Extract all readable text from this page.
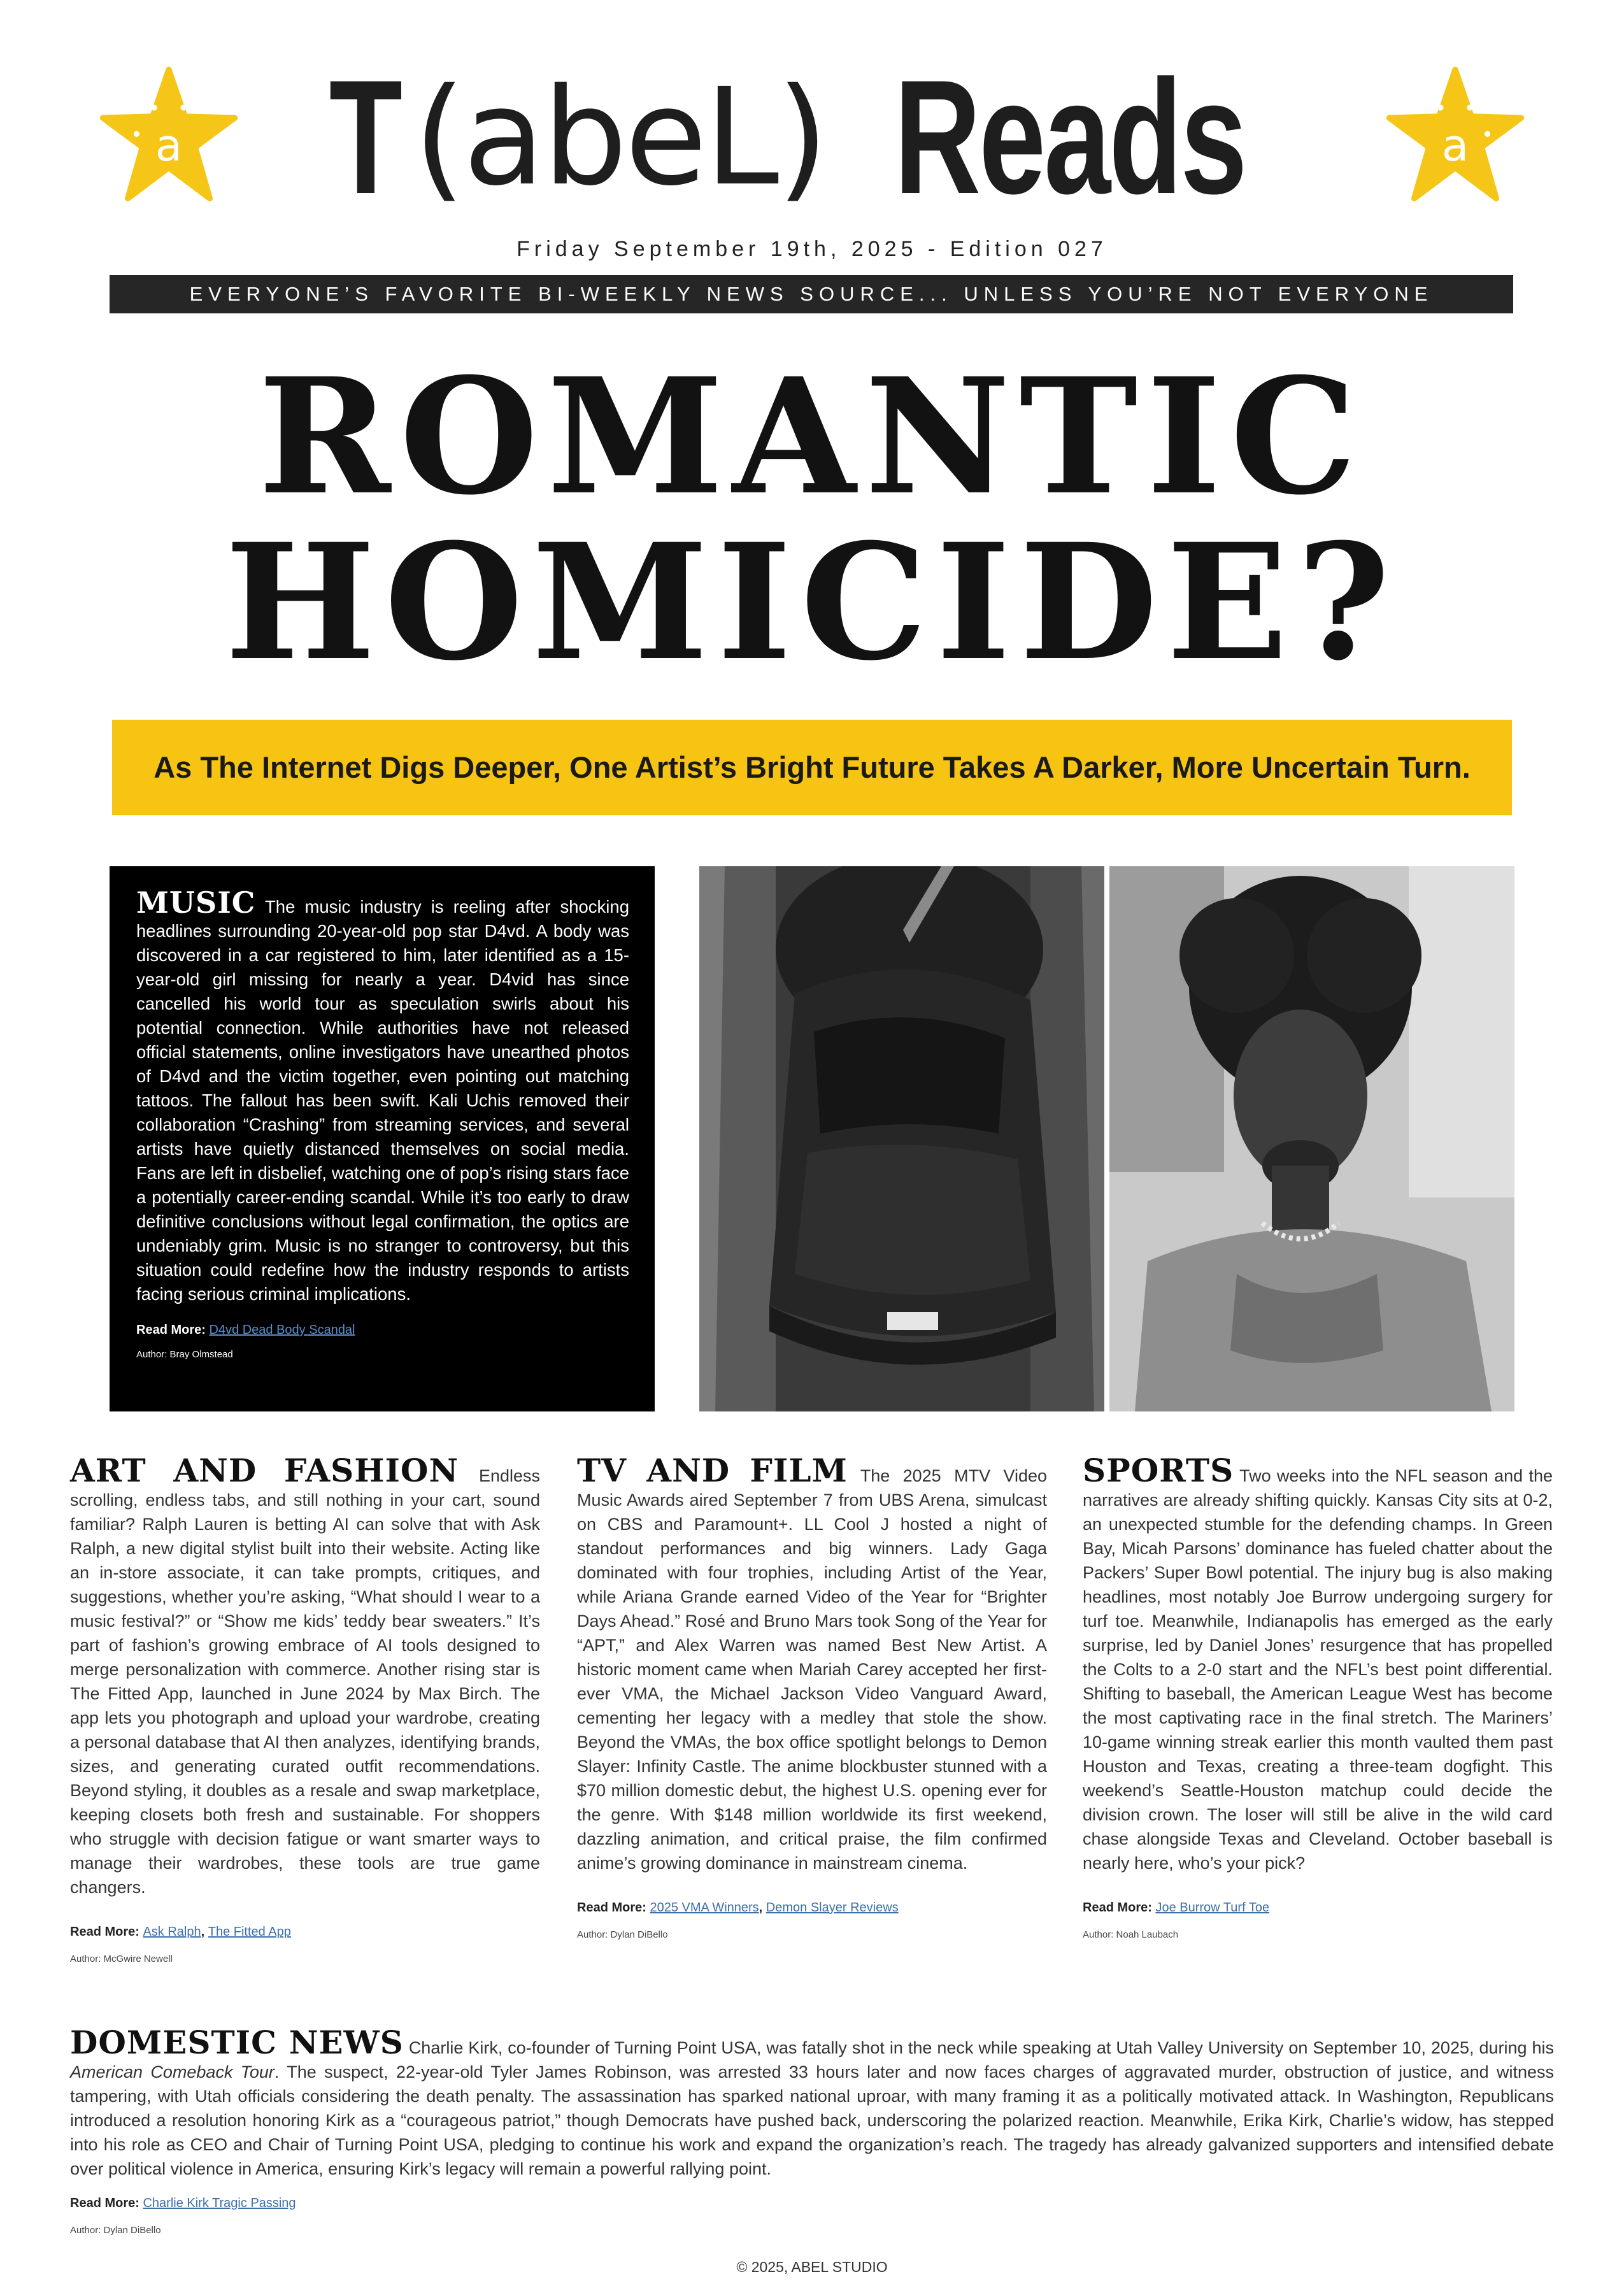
a	a
T (abeL) Reads
Friday September 19th, 2025 - Edition 027
EVERYONE’S FAVORITE BI-WEEKLY NEWS SOURCE... UNLESS YOU’RE NOT EVERYONE
ROMANTIC
HOMICIDE?
As The Internet Digs Deeper, One Artist’s Bright Future Takes A Darker, More Uncertain Turn.
MUSIC The music industry is reeling after shocking headlines surrounding 20-year-old pop star D4vd. A body was discovered in a car registered to him, later identified as a 15-year-old girl missing for nearly a year. D4vid has since cancelled his world tour as speculation swirls about his potential connection. While authorities have not released official statements, online investigators have unearthed photos of D4vd and the victim together, even pointing out matching tattoos. The fallout has been swift. Kali Uchis removed their collaboration “Crashing” from streaming services, and several artists have quietly distanced themselves on social media. Fans are left in disbelief, watching one of pop’s rising stars face a potentially career-ending scandal. While it’s too early to draw definitive conclusions without legal confirmation, the optics are undeniably grim. Music is no stranger to controversy, but this situation could redefine how the industry responds to artists facing serious criminal implications.
Read More: D4vd Dead Body Scandal
Author: Bray Olmstead
ART AND FASHION Endless scrolling, endless tabs, and still nothing in your cart, sound familiar? Ralph Lauren is betting AI can solve that with Ask Ralph, a new digital stylist built into their website. Acting like an in-store associate, it can take prompts, critiques, and suggestions, whether you’re asking, “What should I wear to a music festival?” or “Show me kids’ teddy bear sweaters.” It’s part of fashion’s growing embrace of AI tools designed to merge personalization with commerce. Another rising star is The Fitted App, launched in June 2024 by Max Birch. The app lets you photograph and upload your wardrobe, creating a personal database that AI then analyzes, identifying brands, sizes, and generating curated outfit recommendations. Beyond styling, it doubles as a resale and swap marketplace, keeping closets both fresh and sustainable. For shoppers who struggle with decision fatigue or want smarter ways to manage their wardrobes, these tools are true game changers.
Read More: Ask Ralph, The Fitted App
Author: McGwire Newell
TV AND FILM The 2025 MTV Video Music Awards aired September 7 from UBS Arena, simulcast on CBS and Paramount+. LL Cool J hosted a night of standout performances and big winners. Lady Gaga dominated with four trophies, including Artist of the Year, while Ariana Grande earned Video of the Year for “Brighter Days Ahead.” Rosé and Bruno Mars took Song of the Year for “APT,” and Alex Warren was named Best New Artist. A historic moment came when Mariah Carey accepted her first-ever VMA, the Michael Jackson Video Vanguard Award, cementing her legacy with a medley that stole the show. Beyond the VMAs, the box office spotlight belongs to Demon Slayer: Infinity Castle. The anime blockbuster stunned with a $70 million domestic debut, the highest U.S. opening ever for the genre. With $148 million worldwide its first weekend, dazzling animation, and critical praise, the film confirmed anime’s growing dominance in mainstream cinema.
Read More: 2025 VMA Winners, Demon Slayer Reviews
Author: Dylan DiBello
SPORTS Two weeks into the NFL season and the narratives are already shifting quickly. Kansas City sits at 0-2, an unexpected stumble for the defending champs. In Green Bay, Micah Parsons’ dominance has fueled chatter about the Packers’ Super Bowl potential. The injury bug is also making headlines, most notably Joe Burrow undergoing surgery for turf toe. Meanwhile, Indianapolis has emerged as the early surprise, led by Daniel Jones’ resurgence that has propelled the Colts to a 2-0 start and the NFL’s best point differential. Shifting to baseball, the American League West has become the most captivating race in the final stretch. The Mariners’ 10-game winning streak earlier this month vaulted them past Houston and Texas, creating a three-team dogfight. This weekend’s Seattle-Houston matchup could decide the division crown. The loser will still be alive in the wild card chase alongside Texas and Cleveland. October baseball is nearly here, who’s your pick?
Read More: Joe Burrow Turf Toe
Author: Noah Laubach
DOMESTIC NEWS Charlie Kirk, co-founder of Turning Point USA, was fatally shot in the neck while speaking at Utah Valley University on September 10, 2025, during his American Comeback Tour. The suspect, 22-year-old Tyler James Robinson, was arrested 33 hours later and now faces charges of aggravated murder, obstruction of justice, and witness tampering, with Utah officials considering the death penalty. The assassination has sparked national uproar, with many framing it as a politically motivated attack. In Washington, Republicans introduced a resolution honoring Kirk as a “courageous patriot,” though Democrats have pushed back, underscoring the polarized reaction. Meanwhile, Erika Kirk, Charlie’s widow, has stepped into his role as CEO and Chair of Turning Point USA, pledging to continue his work and expand the organization’s reach. The tragedy has already galvanized supporters and intensified debate over political violence in America, ensuring Kirk’s legacy will remain a powerful rallying point.
Read More: Charlie Kirk Tragic Passing
Author: Dylan DiBello
© 2025, ABEL STUDIO
